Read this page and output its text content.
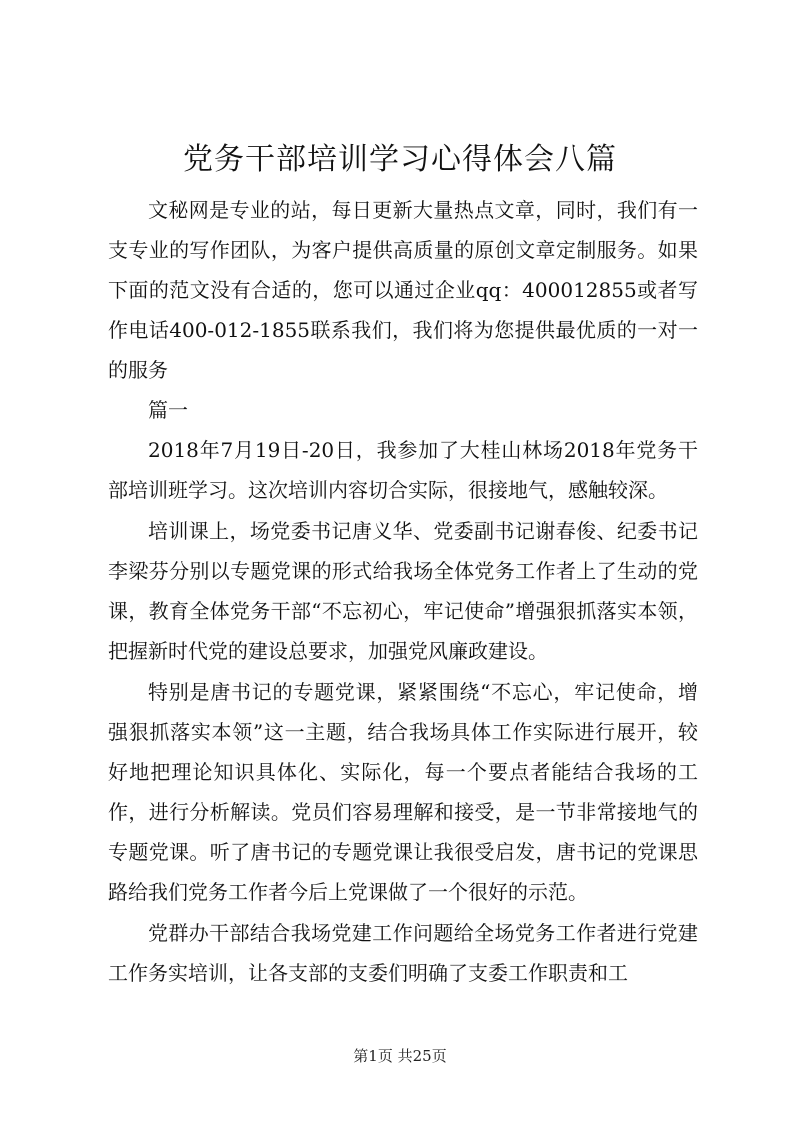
党务干部培训学习心得体会八篇

文秘网是专业的站，每日更新大量热点文章，同时，我们有一支专业的写作团队，为客户提供高质量的原创文章定制服务。如果下面的范文没有合适的，您可以通过企业qq：400012855或者写作电话400-012-1855联系我们，我们将为您提供最优质的一对一的服务

篇一

2018年7月19日-20日，我参加了大桂山林场2018年党务干部培训班学习。这次培训内容切合实际，很接地气，感触较深。

培训课上，场党委书记唐义华、党委副书记谢春俊、纪委书记李梁芬分别以专题党课的形式给我场全体党务工作者上了生动的党课，教育全体党务干部“不忘初心，牢记使命”增强狠抓落实本领，把握新时代党的建设总要求，加强党风廉政建设。

特别是唐书记的专题党课，紧紧围绕“不忘心，牢记使命，增强狠抓落实本领”这一主题，结合我场具体工作实际进行展开，较好地把理论知识具体化、实际化，每一个要点者能结合我场的工作，进行分析解读。党员们容易理解和接受，是一节非常接地气的专题党课。听了唐书记的专题党课让我很受启发，唐书记的党课思路给我们党务工作者今后上党课做了一个很好的示范。

党群办干部结合我场党建工作问题给全场党务工作者进行党建工作务实培训，让各支部的支委们明确了支委工作职责和工

第1页 共25页
